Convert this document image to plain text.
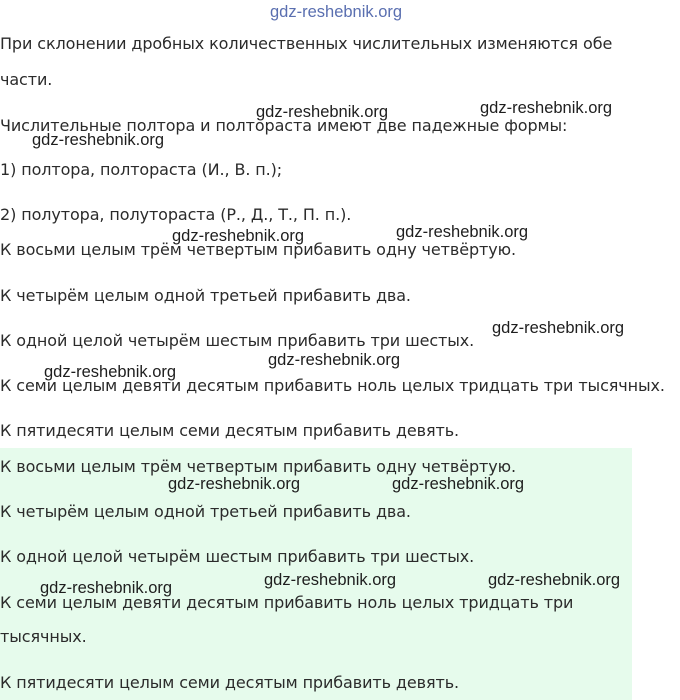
gdz-reshebnik.org
При склонении дробных количественных числительных изменяются обе
части.
Числительные полтора и полтораста имеют две падежные формы:
1) полтора, полтораста (И., В. п.);
2) полутора, полутораста (Р., Д., Т., П. п.).
К восьми целым трём четвертым прибавить одну четвёртую.
К четырём целым одной третьей прибавить два.
К одной целой четырём шестым прибавить три шестых.
К семи целым девяти десятым прибавить ноль целых тридцать три тысячных.
К пятидесяти целым семи десятым прибавить девять.
К восьми целым трём четвертым прибавить одну четвёртую.
К четырём целым одной третьей прибавить два.
К одной целой четырём шестым прибавить три шестых.
К семи целым девяти десятым прибавить ноль целых тридцать три
тысячных.
К пятидесяти целым семи десятым прибавить девять.
gdz-reshebnik.org	gdz-reshebnik.org
gdz-reshebnik.org
gdz-reshebnik.org	gdz-reshebnik.org
gdz-reshebnik.org
gdz-reshebnik.org
gdz-reshebnik.org
gdz-reshebnik.org	gdz-reshebnik.org
gdz-reshebnik.org	gdz-reshebnik.org
gdz-reshebnik.org
